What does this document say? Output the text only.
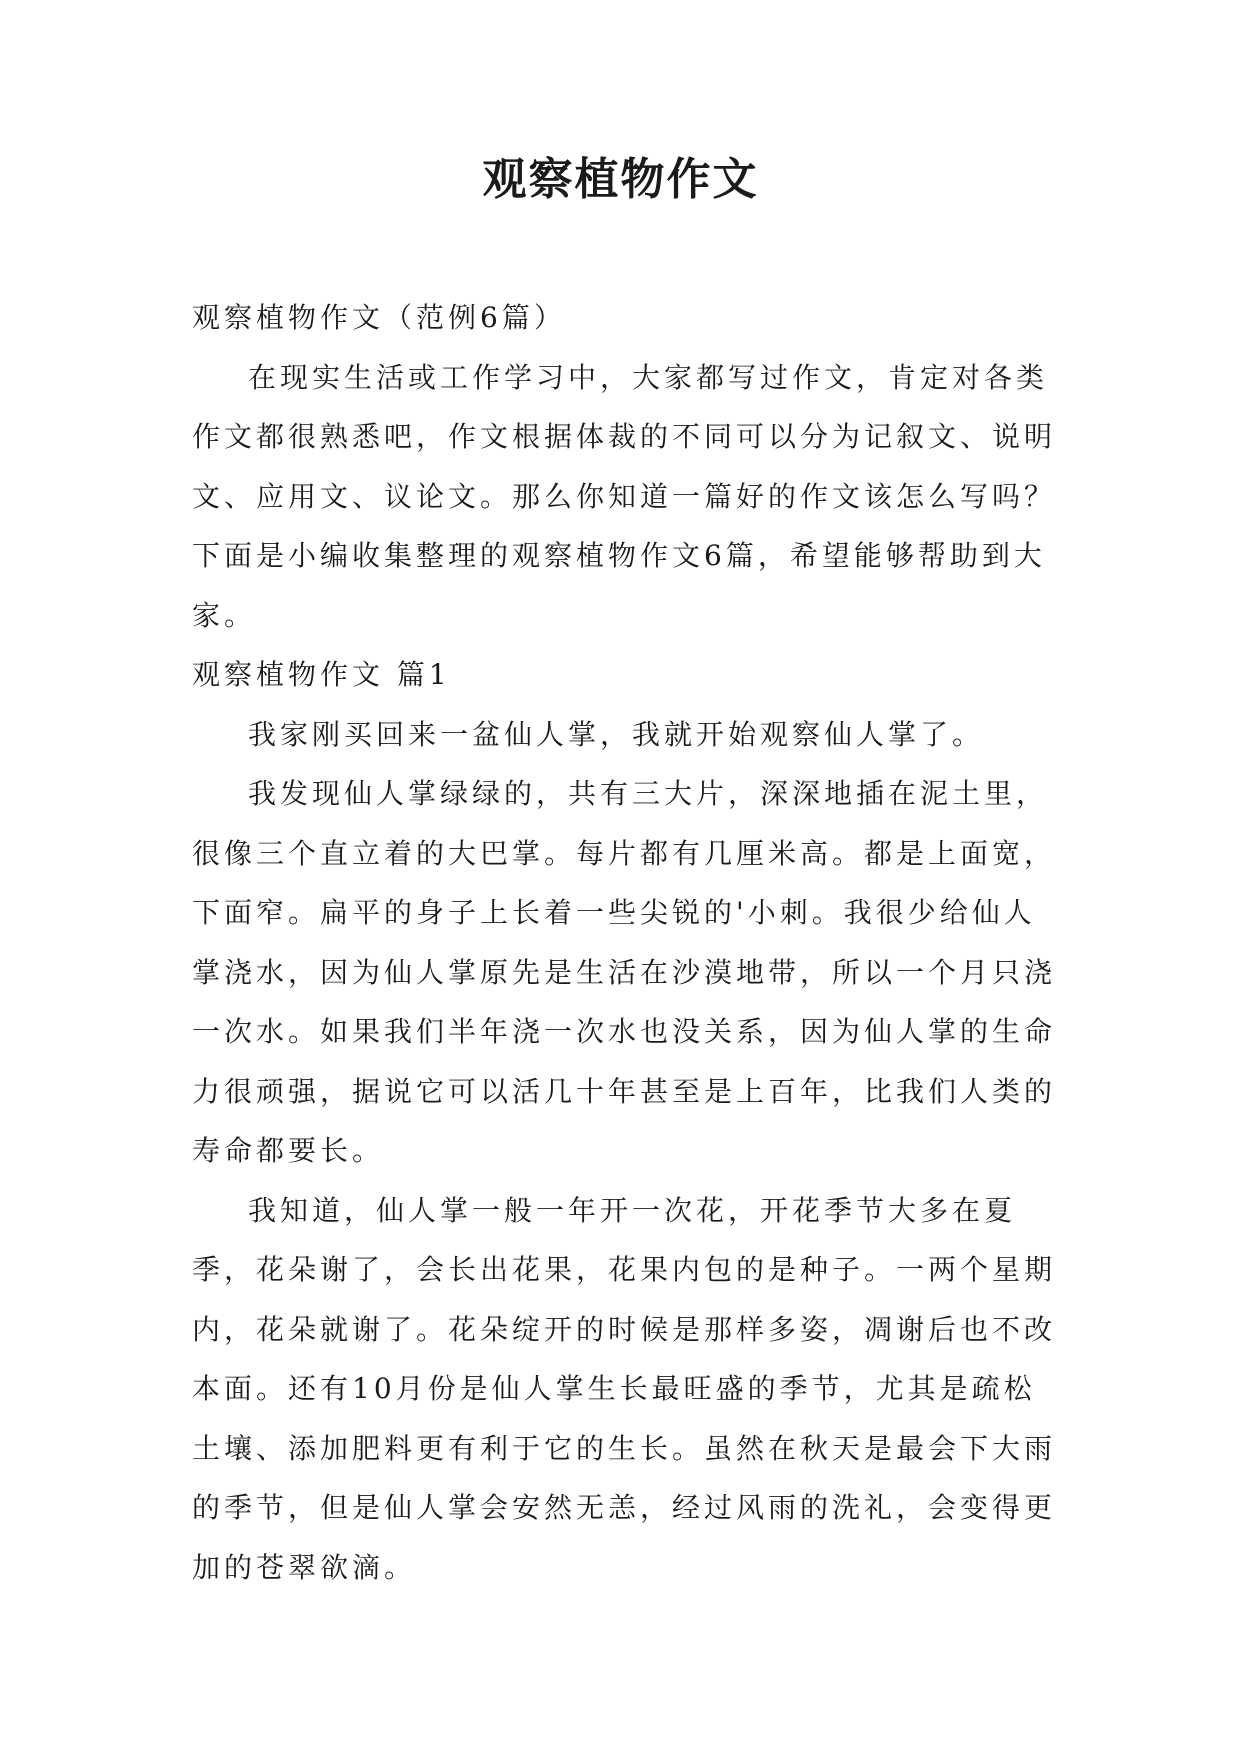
观察植物作文

观察植物作文（范例6篇）

在现实生活或工作学习中，大家都写过作文，肯定对各类作文都很熟悉吧，作文根据体裁的不同可以分为记叙文、说明文、应用文、议论文。那么你知道一篇好的作文该怎么写吗？下面是小编收集整理的观察植物作文6篇，希望能够帮助到大家。

观察植物作文 篇1

我家刚买回来一盆仙人掌，我就开始观察仙人掌了。

我发现仙人掌绿绿的，共有三大片，深深地插在泥土里，很像三个直立着的大巴掌。每片都有几厘米高。都是上面宽，下面窄。扁平的身子上长着一些尖锐的'小刺。我很少给仙人掌浇水，因为仙人掌原先是生活在沙漠地带，所以一个月只浇一次水。如果我们半年浇一次水也没关系，因为仙人掌的生命力很顽强，据说它可以活几十年甚至是上百年，比我们人类的寿命都要长。

我知道，仙人掌一般一年开一次花，开花季节大多在夏季，花朵谢了，会长出花果，花果内包的是种子。一两个星期内，花朵就谢了。花朵绽开的时候是那样多姿，凋谢后也不改本面。还有10月份是仙人掌生长最旺盛的季节，尤其是疏松土壤、添加肥料更有利于它的生长。虽然在秋天是最会下大雨的季节，但是仙人掌会安然无恙，经过风雨的洗礼，会变得更加的苍翠欲滴。
